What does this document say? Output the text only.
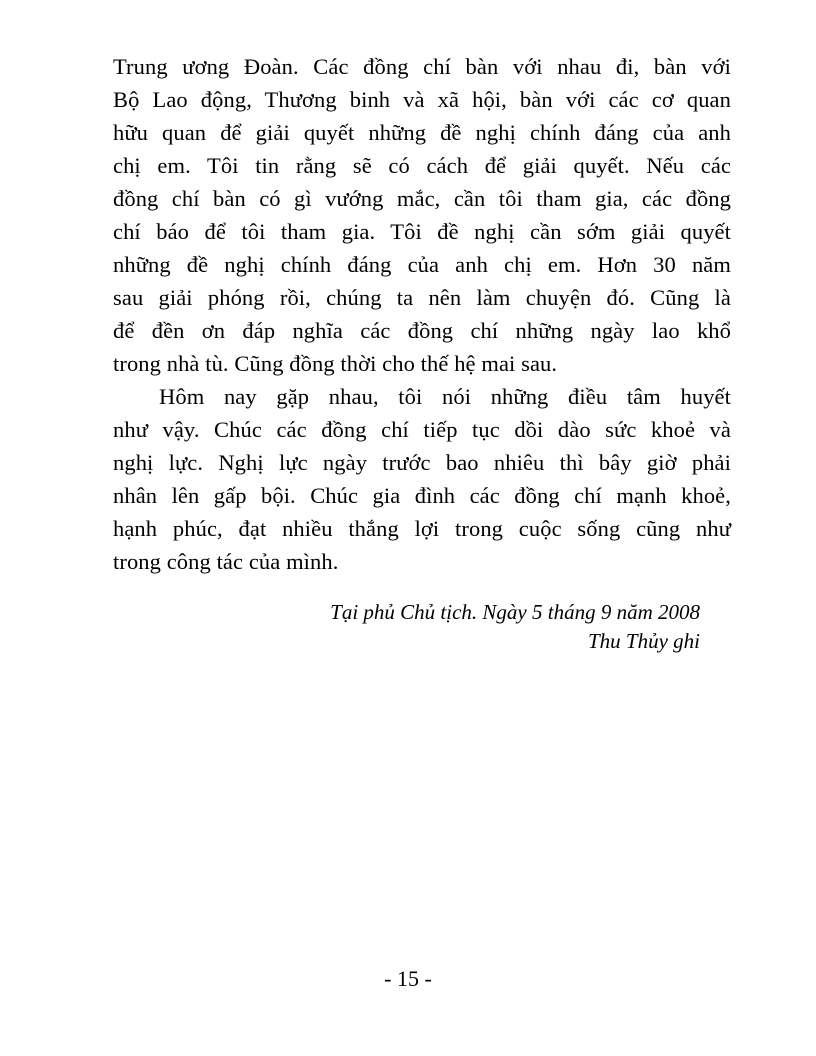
Trung ương Đoàn. Các đồng chí bàn với nhau đi, bàn với
Bộ Lao động, Thương binh và xã hội, bàn với các cơ quan
hữu quan để giải quyết những đề nghị chính đáng của anh
chị em. Tôi tin rằng sẽ có cách để giải quyết. Nếu các
đồng chí bàn có gì vướng mắc, cần tôi tham gia, các đồng
chí báo để tôi tham gia. Tôi đề nghị cần sớm giải quyết
những đề nghị chính đáng của anh chị em. Hơn 30 năm
sau giải phóng rồi, chúng ta nên làm chuyện đó. Cũng là
để đền ơn đáp nghĩa các đồng chí những ngày lao khổ
trong nhà tù. Cũng đồng thời cho thế hệ mai sau.
Hôm nay gặp nhau, tôi nói những điều tâm huyết
như vậy. Chúc các đồng chí tiếp tục dồi dào sức khoẻ và
nghị lực. Nghị lực ngày trước bao nhiêu thì bây giờ phải
nhân lên gấp bội. Chúc gia đình các đồng chí mạnh khoẻ,
hạnh phúc, đạt nhiều thắng lợi trong cuộc sống cũng như
trong công tác của mình.
Tại phủ Chủ tịch. Ngày 5 tháng 9 năm 2008
Thu Thủy ghi
- 15 -
